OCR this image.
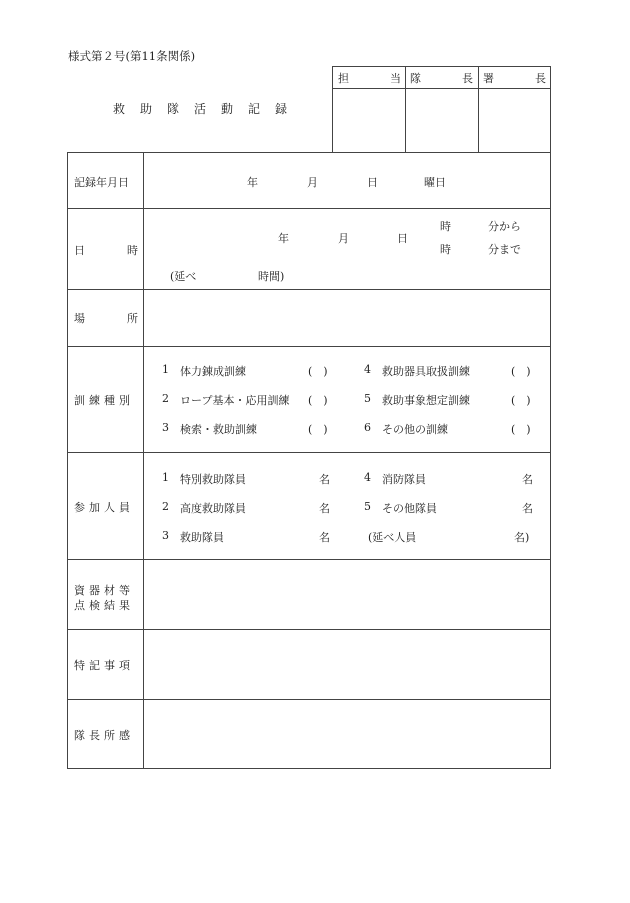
様式第２号(第11条関係)
救 助 隊 活 動 記 録
担	当 隊	長 署	長
記録年月日	年	月	日	曜日
日	時
年	月	日
時	分から
時	分まで
(延べ	時間)
場	所
訓練種別
1 体力錬成訓練	(　)	4 救助器具取扱訓練	(　)
2 ロープ基本・応用訓練 (　)	5 救助事象想定訓練	(　)
3 検索・救助訓練	(　)	6 その他の訓練	(　)
参加人員
1 特別救助隊員	名	4 消防隊員	名
2 高度救助隊員	名	5 その他隊員	名
3 救助隊員	名	(延べ人員	名)
資器材等
点検結果
特記事項
隊長所感
